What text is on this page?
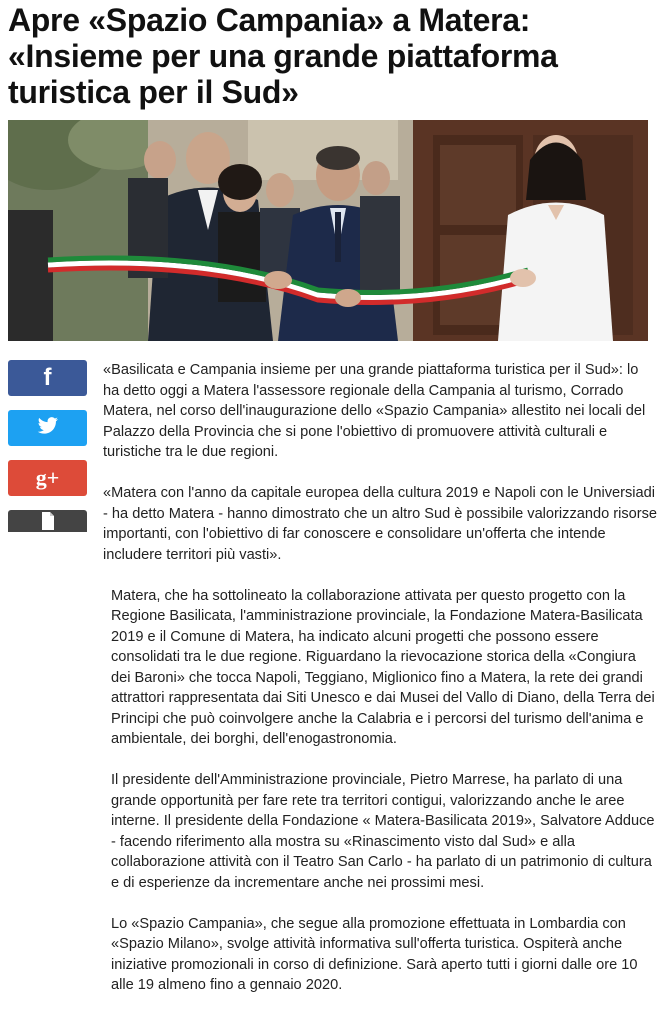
Apre «Spazio Campania» a Matera: «Insieme per una grande piattaforma turistica per il Sud»
f
g+

«Basilicata e Campania insieme per una grande piattaforma turistica per il Sud»: lo ha detto oggi a Matera l'assessore regionale della Campania al turismo, Corrado Matera, nel corso dell'inaugurazione dello «Spazio Campania» allestito nei locali del Palazzo della Provincia che si pone l'obiettivo di promuovere attività culturali e turistiche tra le due regioni.

«Matera con l'anno da capitale europea della cultura 2019 e Napoli con le Universiadi - ha detto Matera - hanno dimostrato che un altro Sud è possibile valorizzando risorse importanti, con l'obiettivo di far conoscere e consolidare un'offerta che intende includere territori più vasti».

Matera, che ha sottolineato la collaborazione attivata per questo progetto con la Regione Basilicata, l'amministrazione provinciale, la Fondazione Matera-Basilicata 2019 e il Comune di Matera, ha indicato alcuni progetti che possono essere consolidati tra le due regione. Riguardano la rievocazione storica della «Congiura dei Baroni» che tocca Napoli, Teggiano, Miglionico fino a Matera, la rete dei grandi attrattori rappresentata dai Siti Unesco e dai Musei del Vallo di Diano, della Terra dei Principi che può coinvolgere anche la Calabria e i percorsi del turismo dell'anima e ambientale, dei borghi, dell'enogastronomia.

Il presidente dell'Amministrazione provinciale, Pietro Marrese, ha parlato di una grande opportunità per fare rete tra territori contigui, valorizzando anche le aree interne. Il presidente della Fondazione « Matera-Basilicata 2019», Salvatore Adduce - facendo riferimento alla mostra su «Rinascimento visto dal Sud» e alla collaborazione attività con il Teatro San Carlo - ha parlato di un patrimonio di cultura e di esperienze da incrementare anche nei prossimi mesi.

Lo «Spazio Campania», che segue alla promozione effettuata in Lombardia con «Spazio Milano», svolge attività informativa sull'offerta turistica. Ospiterà anche iniziative promozionali in corso di definizione. Sarà aperto tutti i giorni dalle ore 10 alle 19 almeno fino a gennaio 2020.
